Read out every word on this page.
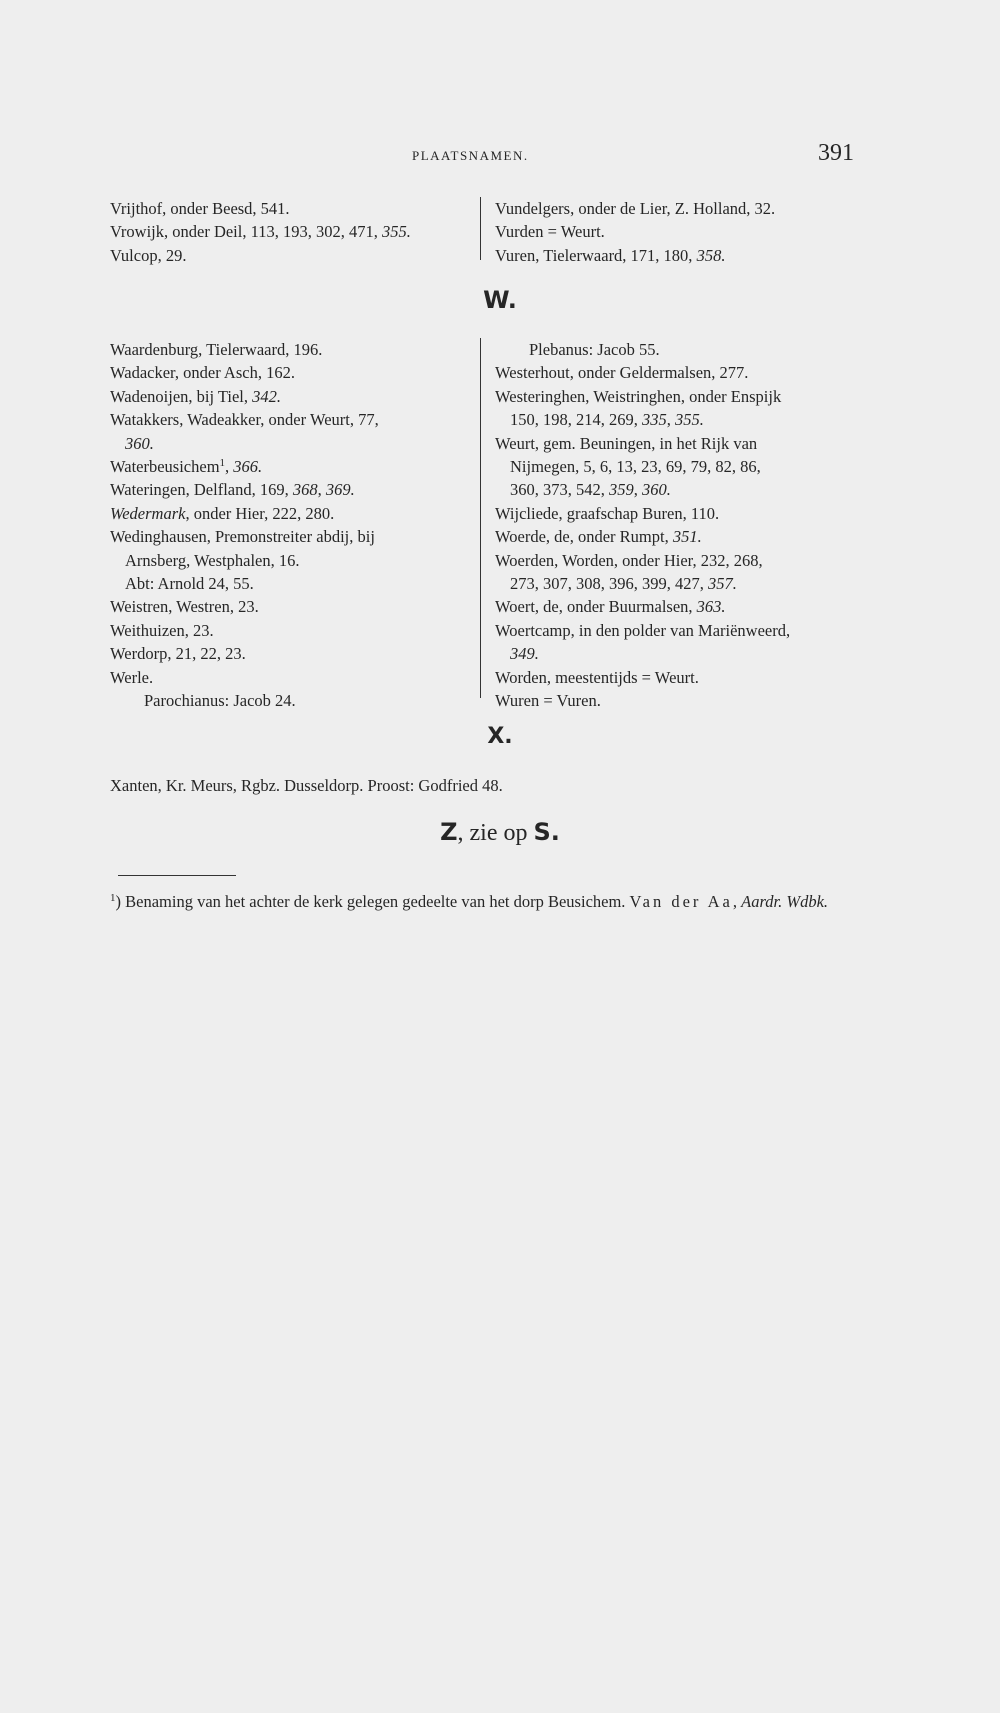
PLAATSNAMEN.	391
Vrijthof, onder Beesd, 541.
Vrowijk, onder Deil, 113, 193, 302, 471, 355.
Vulcop, 29.
Vundelgers, onder de Lier, Z. Holland, 32.
Vurden = Weurt.
Vuren, Tielerwaard, 171, 180, 358.
W.
Waardenburg, Tielerwaard, 196.
Wadacker, onder Asch, 162.
Wadenoijen, bij Tiel, 342.
Watakkers, Wadeakker, onder Weurt, 77,
360.
Waterbeusichem$^1$, 366.
Wateringen, Delfland, 169, 368, 369.
Wedermark, onder Hier, 222, 280.
Wedinghausen, Premonstreiter abdij, bij
Arnsberg, Westphalen, 16.
Abt: Arnold 24, 55.
Weistren, Westren, 23.
Weithuizen, 23.
Werdorp, 21, 22, 23.
Werle.
Parochianus: Jacob 24.
Plebanus: Jacob 55.
Westerhout, onder Geldermalsen, 277.
Westeringhen, Weistringhen, onder Enspijk
150, 198, 214, 269, 335, 355.
Weurt, gem. Beuningen, in het Rijk van
Nijmegen, 5, 6, 13, 23, 69, 79, 82, 86,
360, 373, 542, 359, 360.
Wijcliede, graafschap Buren, 110.
Woerde, de, onder Rumpt, 351.
Woerden, Worden, onder Hier, 232, 268,
273, 307, 308, 396, 399, 427, 357.
Woert, de, onder Buurmalsen, 363.
Woertcamp, in den polder van Mariënweerd,
349.
Worden, meestentijds = Weurt.
Wuren = Vuren.
X.
Xanten, Kr. Meurs, Rgbz. Dusseldorp. Proost: Godfried 48.
Z, zie op S.
$^1$) Benaming van het achter de kerk gelegen gedeelte van het dorp Beusichem. Van der Aa, Aardr. Wdbk.
